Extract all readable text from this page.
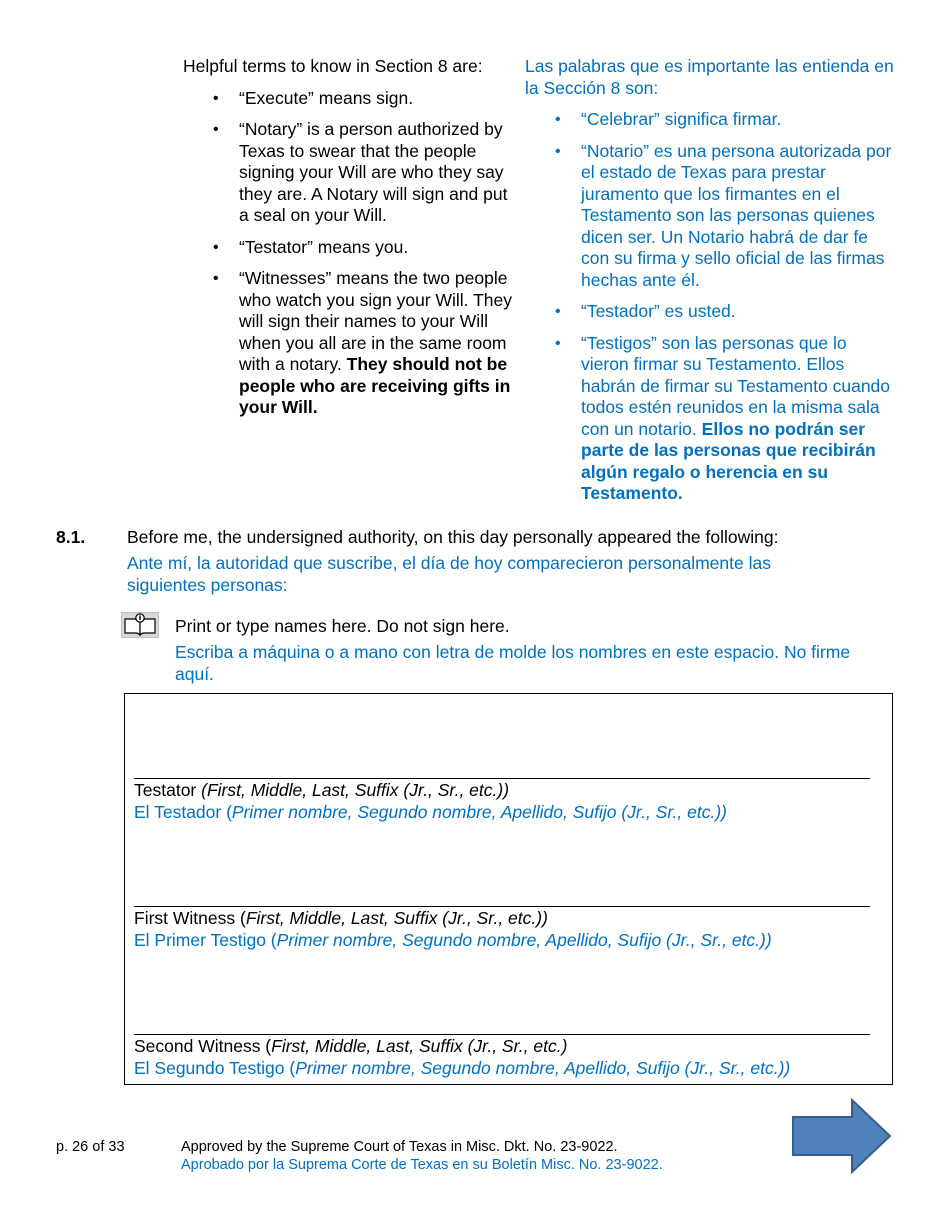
Helpful terms to know in Section 8 are:
• “Execute” means sign.
• “Notary” is a person authorized by Texas to swear that the people signing your Will are who they say they are. A Notary will sign and put a seal on your Will.
• “Testator” means you.
• “Witnesses” means the two people who watch you sign your Will. They will sign their names to your Will when you all are in the same room with a notary. They should not be people who are receiving gifts in your Will.
Las palabras que es importante las entienda en la Sección 8 son:
• “Celebrar” significa firmar.
• “Notario” es una persona autorizada por el estado de Texas para prestar juramento que los firmantes en el Testamento son las personas quienes dicen ser. Un Notario habrá de dar fe con su firma y sello oficial de las firmas hechas ante él.
• “Testador” es usted.
• “Testigos” son las personas que lo vieron firmar su Testamento. Ellos habrán de firmar su Testamento cuando todos estén reunidos en la misma sala con un notario. Ellos no podrán ser parte de las personas que recibirán algún regalo o herencia en su Testamento.
8.1. Before me, the undersigned authority, on this day personally appeared the following:
Ante mí, la autoridad que suscribe, el día de hoy comparecieron personalmente las siguientes personas:
Print or type names here. Do not sign here.
Escriba a máquina o a mano con letra de molde los nombres en este espacio. No firme aquí.
Testator (First, Middle, Last, Suffix (Jr., Sr., etc.))
El Testador (Primer nombre, Segundo nombre, Apellido, Sufijo (Jr., Sr., etc.))
First Witness (First, Middle, Last, Suffix (Jr., Sr., etc.))
El Primer Testigo (Primer nombre, Segundo nombre, Apellido, Sufijo (Jr., Sr., etc.))
Second Witness (First, Middle, Last, Suffix (Jr., Sr., etc.)
El Segundo Testigo (Primer nombre, Segundo nombre, Apellido, Sufijo (Jr., Sr., etc.))
p. 26 of 33	Approved by the Supreme Court of Texas in Misc. Dkt. No. 23-9022.
Aprobado por la Suprema Corte de Texas en su Boletín Misc. No. 23-9022.
